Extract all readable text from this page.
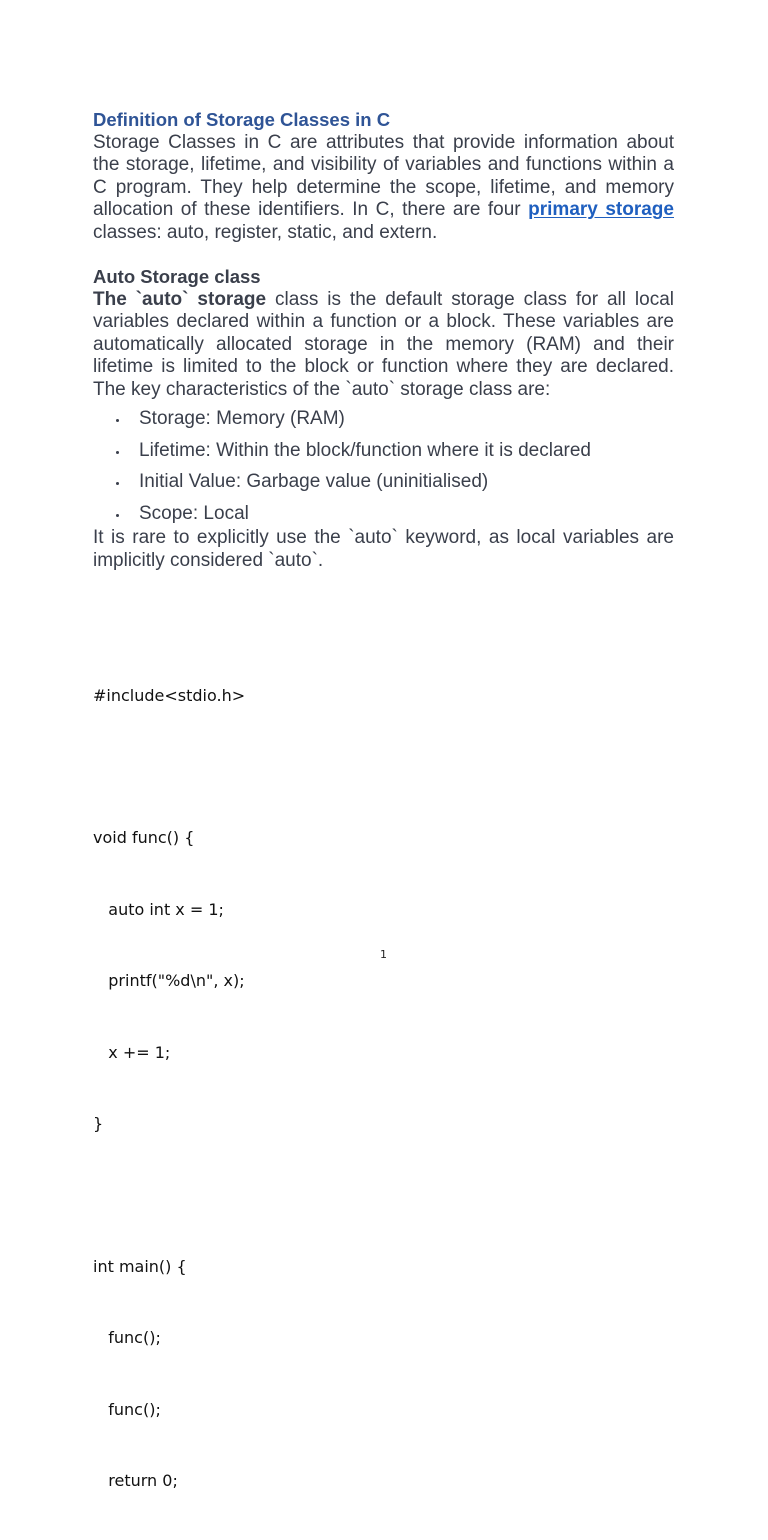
Definition of Storage Classes in C

Storage Classes in C are attributes that provide information about the storage, lifetime, and visibility of variables and functions within a C program. They help determine the scope, lifetime, and memory allocation of these identifiers. In C, there are four primary storage classes: auto, register, static, and extern.

Auto Storage class

The `auto` storage class is the default storage class for all local variables declared within a function or a block. These variables are automatically allocated storage in the memory (RAM) and their lifetime is limited to the block or function where they are declared. The key characteristics of the `auto` storage class are:

Storage: Memory (RAM)
Lifetime: Within the block/function where it is declared
Initial Value: Garbage value (uninitialised)
Scope: Local

It is rare to explicitly use the `auto` keyword, as local variables are implicitly considered `auto`.

#include<stdio.h>

void func() {

auto int x = 1;

printf("%d\n", x);

x += 1;

}

int main() {

func();

func();

return 0;

1
